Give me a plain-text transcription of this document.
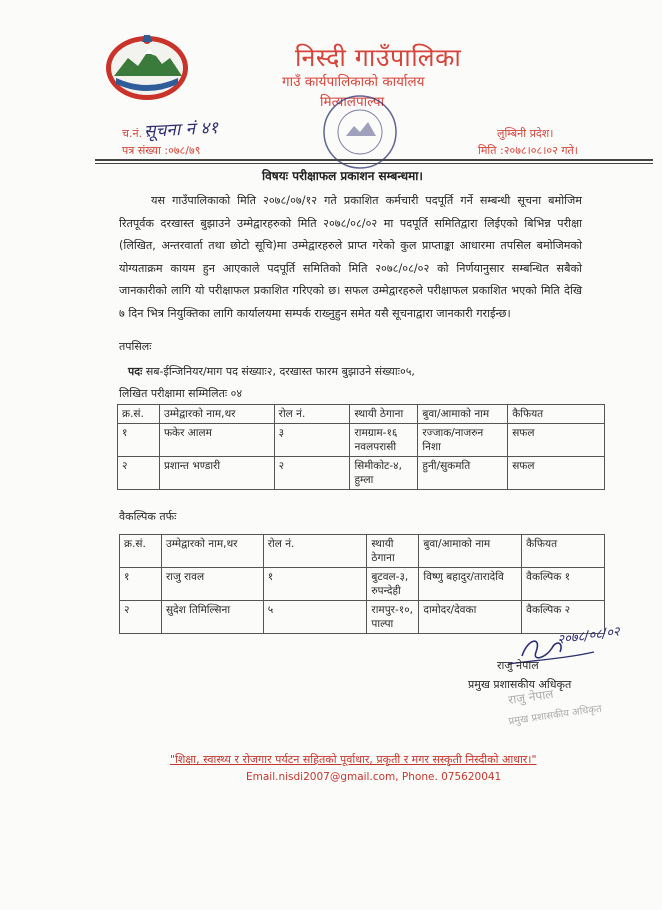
निस्दी गाउँपालिका
गाउँ कार्यपालिकाको कार्यालय
मित्यालपाल्पा
च.नं. :
सूचना नं ४१
पत्र संख्या :०७८/७९
लुम्बिनी प्रदेश।
मिति :२०७८।०८।०२ गते।
विषयः परीक्षाफल प्रकाशन सम्बन्धमा।
यस गाउँपालिकाको मिति २०७८/०७/१२ गते प्रकाशित कर्मचारी पदपूर्ति गर्ने सम्बन्धी सूचना बमोजिम रितपूर्वक दरखास्त बुझाउने उम्मेद्वारहरुको मिति २०७८/०८/०२ मा पदपूर्ति समितिद्वारा लिईएको बिभिन्न परीक्षा (लिखित, अन्तरवार्ता तथा छोटो सूचि)मा उम्मेद्वारहरुले प्राप्त गरेको कुल प्राप्ताङ्का आधारमा तपसिल बमोजिमको योग्यताक्रम कायम हुन आएकाले पदपूर्ति समितिको मिति २०७८/०८/०२ को निर्णयानुसार सम्बन्धित सबैको जानकारीको लागि यो परीक्षाफल प्रकाशित गरिएको छ। सफल उम्मेद्वारहरुले परीक्षाफल प्रकाशित भएको मिति देखि ७ दिन भित्र नियुक्तिका लागि कार्यालयमा सम्पर्क राख्नुहुन समेत यसै सूचनाद्वारा जानकारी गराईन्छ।
तपसिलः
पदः सब-ईन्जिनियर/माग पद संख्याः२, दरखास्त फारम बुझाउने संख्याः०५,
लिखित परीक्षामा सम्मिलितः ०४
क्र.सं.	उम्मेद्वारको नाम,थर	रोल नं.	स्थायी ठेगाना	बुवा/आमाको नाम	कैफियत
१	फकेर आलम	३	रामग्राम-१६ नवलपरासी	रज्जाक/नाजरुन निशा	सफल
२	प्रशान्त भण्डारी	२	सिमीकोट-४, हुम्ला	हुनी/सुकमति	सफल
वैकल्पिक तर्फः
क्र.सं.	उम्मेद्वारको नाम,थर	रोल नं.	स्थायी ठेगाना	बुवा/आमाको नाम	कैफियत
१	राजु रावल	१	बुटवल-३, रुपन्देही	विष्णु बहादुर/तारादेवि	वैकल्पिक १
२	सुदेश तिमिल्सिना	५	रामपुर-१०, पाल्पा	दामोदर/देवका	वैकल्पिक २
२०७८/०८/०२
राजु नेपाल
प्रमुख प्रशासकीय अधिकृत
राजु नेपाल
प्रमुख प्रशासकीय अधिकृत
"शिक्षा, स्वास्थ्य र रोजगार पर्यटन सहितको पूर्वाधार, प्रकृती र मगर सस्कृती निस्दीको आधार।"
Email.nisdi2007@gmail.com, Phone. 075620041
